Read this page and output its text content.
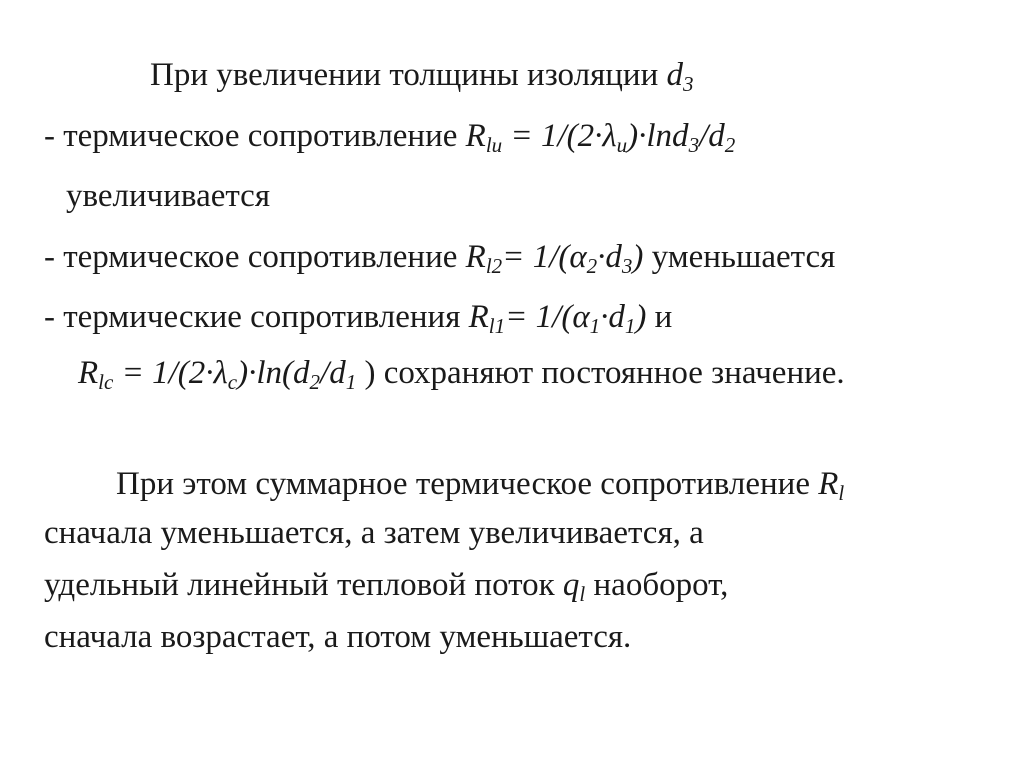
При увеличении толщины изоляции $d_3$
- термическое сопротивление $R_{lu} = 1/(2\cdot\lambda_u)\cdot\ln d_3/d_2$
увеличивается
- термическое сопротивление $R_{l2}= 1/(\alpha_2\cdot d_3)$ уменьшается
- термические сопротивления $R_{l1}= 1/(\alpha_1\cdot d_1)$ и
$R_{lc} = 1/(2\cdot\lambda_c)\cdot\ln(d_2/d_1$ ) сохраняют постоянное значение.
При этом суммарное термическое сопротивление $R_l$
сначала уменьшается, а затем увеличивается, а
удельный линейный тепловой поток $q_l$ наоборот,
сначала возрастает, а потом уменьшается.
